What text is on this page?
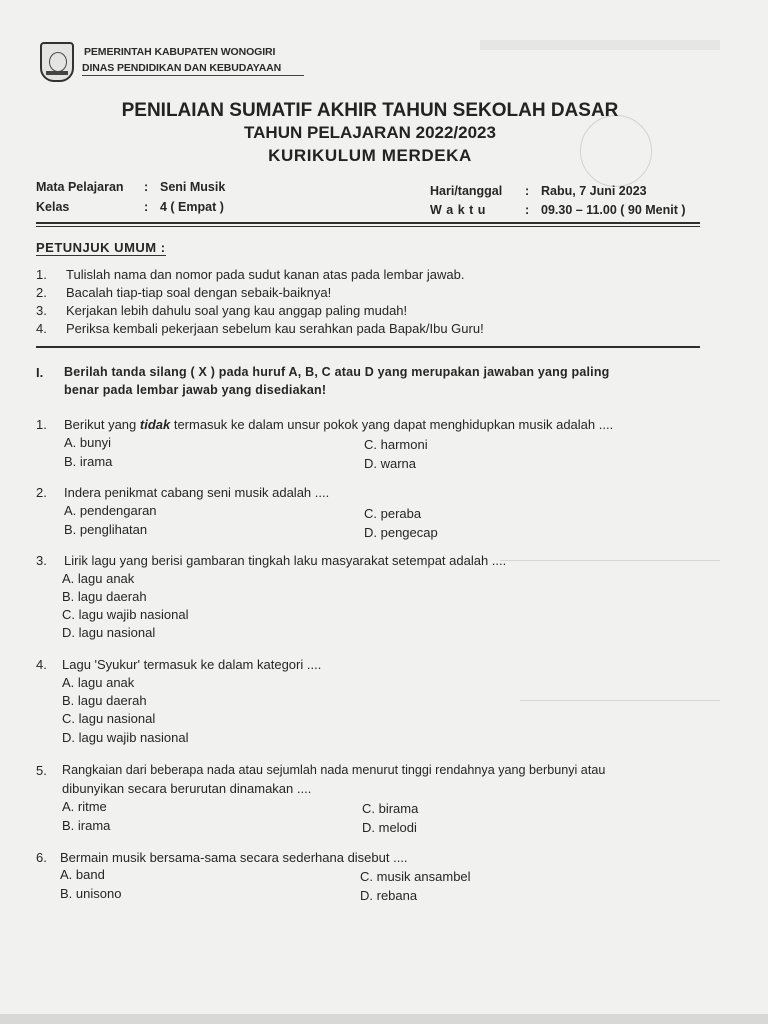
PEMERINTAH KABUPATEN WONOGIRI
DINAS PENDIDIKAN DAN KEBUDAYAAN
PENILAIAN SUMATIF AKHIR TAHUN SEKOLAH DASAR
TAHUN PELAJARAN 2022/2023
KURIKULUM MERDEKA
Mata Pelajaran : Seni Musik
Kelas	: 4 ( Empat )
Hari/tanggal : Rabu, 7 Juni 2023
W a k t u	: 09.30 – 11.00 ( 90 Menit )
PETUNJUK UMUM :
1. Tulislah nama dan nomor pada sudut kanan atas pada lembar jawab.
2. Bacalah tiap-tiap soal dengan sebaik-baiknya!
3. Kerjakan lebih dahulu soal yang kau anggap paling mudah!
4. Periksa kembali pekerjaan sebelum kau serahkan pada Bapak/Ibu Guru!
I. Berilah tanda silang ( X ) pada huruf A, B, C atau D yang merupakan jawaban yang paling
benar pada lembar jawab yang disediakan!
1. Berikut yang tidak termasuk ke dalam unsur pokok yang dapat menghidupkan musik adalah ....
A. bunyi
B. irama
C. harmoni
D. warna
2. Indera penikmat cabang seni musik adalah ....
A. pendengaran
B. penglihatan
C. peraba
D. pengecap
3. Lirik lagu yang berisi gambaran tingkah laku masyarakat setempat adalah ....
A. lagu anak
B. lagu daerah
C. lagu wajib nasional
D. lagu nasional
4. Lagu 'Syukur' termasuk ke dalam kategori ....
A. lagu anak
B. lagu daerah
C. lagu nasional
D. lagu wajib nasional
5. Rangkaian dari beberapa nada atau sejumlah nada menurut tinggi rendahnya yang berbunyi atau
dibunyikan secara berurutan dinamakan ....
A. ritme
B. irama
C. birama
D. melodi
6. Bermain musik bersama-sama secara sederhana disebut ....
A. band
B. unisono
C. musik ansambel
D. rebana
